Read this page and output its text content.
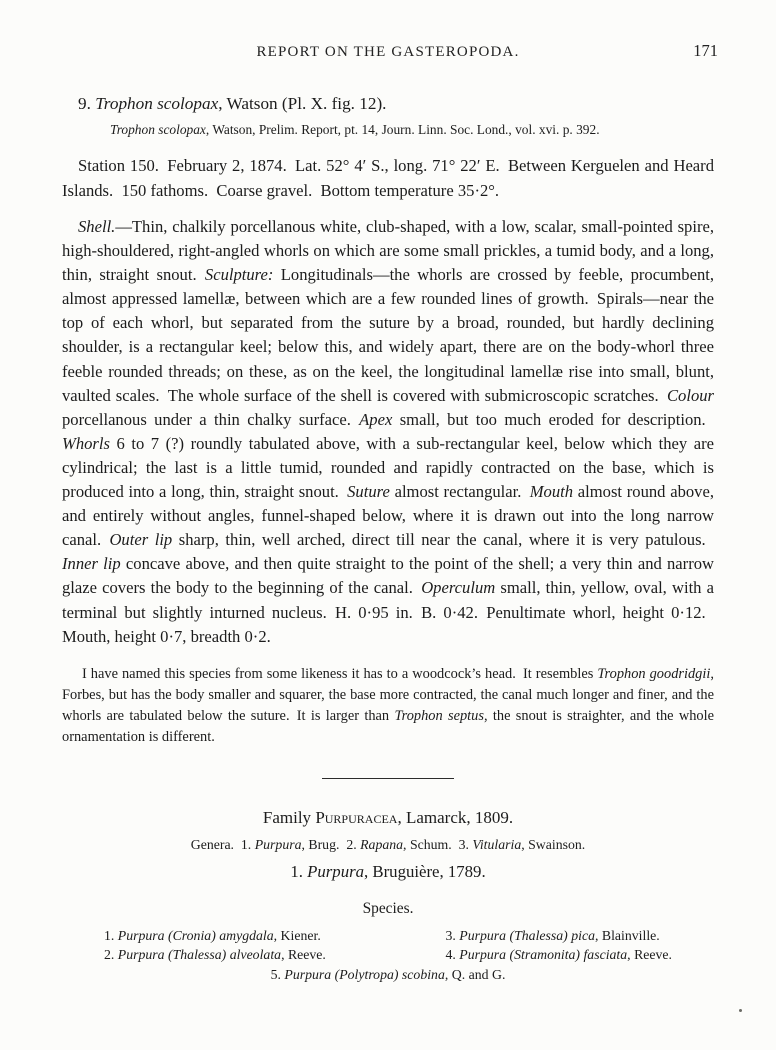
REPORT ON THE GASTEROPODA.	171

9. Trophon scolopax, Watson (Pl. X. fig. 12).

Trophon scolopax, Watson, Prelim. Report, pt. 14, Journ. Linn. Soc. Lond., vol. xvi. p. 392.

Station 150. February 2, 1874. Lat. 52° 4′ S., long. 71° 22′ E. Between Kerguelen and Heard Islands. 150 fathoms. Coarse gravel. Bottom temperature 35·2°.

Shell.—Thin, chalkily porcellanous white, club-shaped, with a low, scalar, small-pointed spire, high-shouldered, right-angled whorls on which are some small prickles, a tumid body, and a long, thin, straight snout. Sculpture: Longitudinals—the whorls are crossed by feeble, procumbent, almost appressed lamellæ, between which are a few rounded lines of growth. Spirals—near the top of each whorl, but separated from the suture by a broad, rounded, but hardly declining shoulder, is a rectangular keel; below this, and widely apart, there are on the body-whorl three feeble rounded threads; on these, as on the keel, the longitudinal lamellæ rise into small, blunt, vaulted scales. The whole surface of the shell is covered with submicroscopic scratches. Colour porcellanous under a thin chalky surface. Apex small, but too much eroded for description. Whorls 6 to 7 (?) roundly tabulated above, with a sub-rectangular keel, below which they are cylindrical; the last is a little tumid, rounded and rapidly contracted on the base, which is produced into a long, thin, straight snout. Suture almost rectangular. Mouth almost round above, and entirely without angles, funnel-shaped below, where it is drawn out into the long narrow canal. Outer lip sharp, thin, well arched, direct till near the canal, where it is very patulous. Inner lip concave above, and then quite straight to the point of the shell; a very thin and narrow glaze covers the body to the beginning of the canal. Operculum small, thin, yellow, oval, with a terminal but slightly inturned nucleus. H. 0·95 in. B. 0·42. Penultimate whorl, height 0·12. Mouth, height 0·7, breadth 0·2.

I have named this species from some likeness it has to a woodcock’s head. It resembles Trophon goodridgii, Forbes, but has the body smaller and squarer, the base more contracted, the canal much longer and finer, and the whorls are tabulated below the suture. It is larger than Trophon septus, the snout is straighter, and the whole ornamentation is different.

Family Purpuracea, Lamarck, 1809.

Genera. 1. Purpura, Brug. 2. Rapana, Schum. 3. Vitularia, Swainson.

1. Purpura, Bruguière, 1789.

Species.

1. Purpura (Cronia) amygdala, Kiener.

2. Purpura (Thalessa) alveolata, Reeve.

3. Purpura (Thalessa) pica, Blainville.

4. Purpura (Stramonita) fasciata, Reeve.

5. Purpura (Polytropa) scobina, Q. and G.
